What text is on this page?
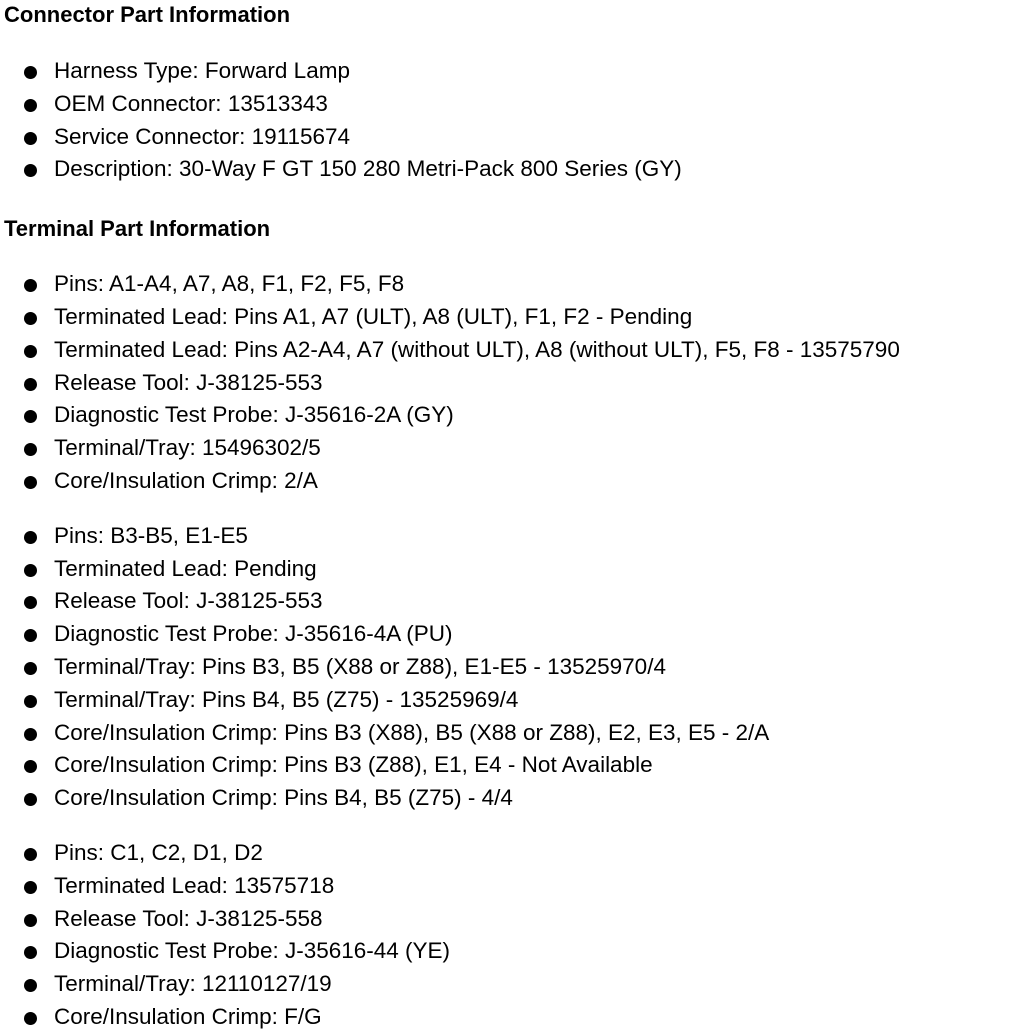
Connector Part Information
Harness Type: Forward Lamp
OEM Connector: 13513343
Service Connector: 19115674
Description: 30-Way F GT 150 280 Metri-Pack 800 Series (GY)
Terminal Part Information
Pins: A1-A4, A7, A8, F1, F2, F5, F8
Terminated Lead: Pins A1, A7 (ULT), A8 (ULT), F1, F2 - Pending
Terminated Lead: Pins A2-A4, A7 (without ULT), A8 (without ULT), F5, F8 - 13575790
Release Tool: J-38125-553
Diagnostic Test Probe: J-35616-2A (GY)
Terminal/Tray: 15496302/5
Core/Insulation Crimp: 2/A
Pins: B3-B5, E1-E5
Terminated Lead: Pending
Release Tool: J-38125-553
Diagnostic Test Probe: J-35616-4A (PU)
Terminal/Tray: Pins B3, B5 (X88 or Z88), E1-E5 - 13525970/4
Terminal/Tray: Pins B4, B5 (Z75) - 13525969/4
Core/Insulation Crimp: Pins B3 (X88), B5 (X88 or Z88), E2, E3, E5 - 2/A
Core/Insulation Crimp: Pins B3 (Z88), E1, E4 - Not Available
Core/Insulation Crimp: Pins B4, B5 (Z75) - 4/4
Pins: C1, C2, D1, D2
Terminated Lead: 13575718
Release Tool: J-38125-558
Diagnostic Test Probe: J-35616-44 (YE)
Terminal/Tray: 12110127/19
Core/Insulation Crimp: F/G
